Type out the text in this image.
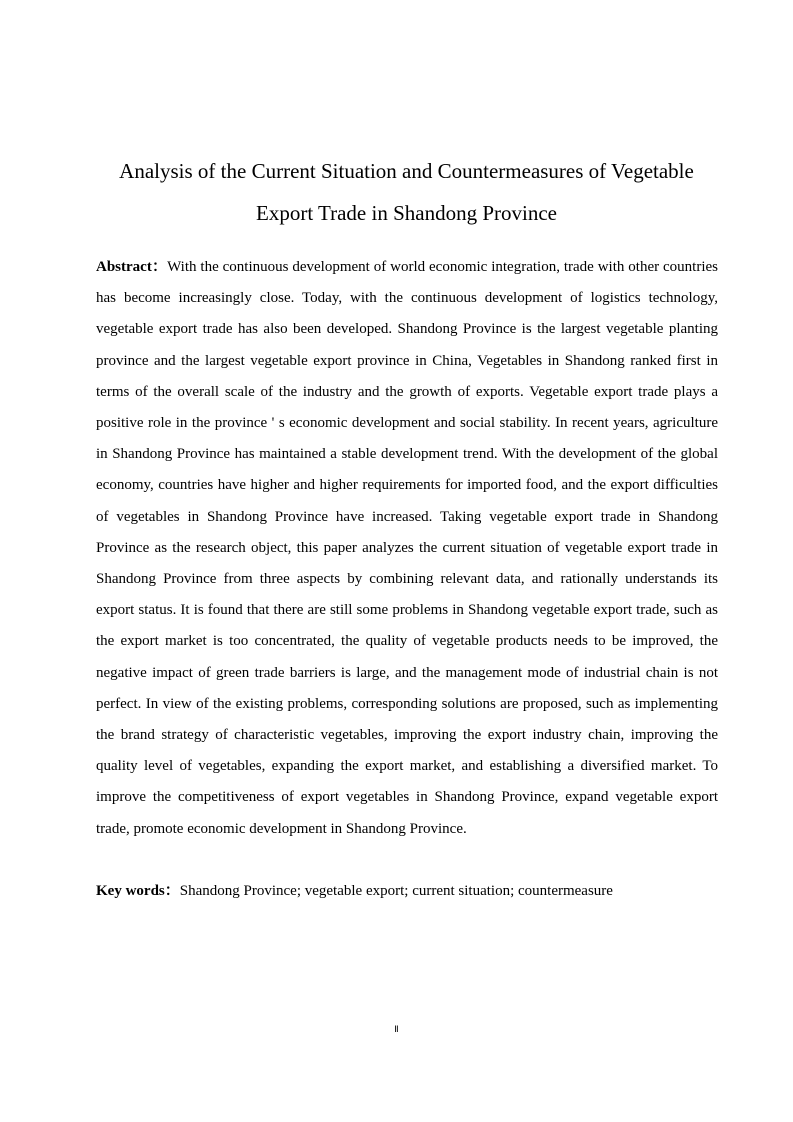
Analysis of the Current Situation and Countermeasures of Vegetable
Export Trade in Shandong Province

Abstract：With the continuous development of world economic integration, trade with other countries has become increasingly close. Today, with the continuous development of logistics technology, vegetable export trade has also been developed. Shandong Province is the largest vegetable planting province and the largest vegetable export province in China, Vegetables in Shandong ranked first in terms of the overall scale of the industry and the growth of exports. Vegetable export trade plays a positive role in the province ' s economic development and social stability. In recent years, agriculture in Shandong Province has maintained a stable development trend. With the development of the global economy, countries have higher and higher requirements for imported food, and the export difficulties of vegetables in Shandong Province have increased. Taking vegetable export trade in Shandong Province as the research object, this paper analyzes the current situation of vegetable export trade in Shandong Province from three aspects by combining relevant data, and rationally understands its export status. It is found that there are still some problems in Shandong vegetable export trade, such as the export market is too concentrated, the quality of vegetable products needs to be improved, the negative impact of green trade barriers is large, and the management mode of industrial chain is not perfect. In view of the existing problems, corresponding solutions are proposed, such as implementing the brand strategy of characteristic vegetables, improving the export industry chain, improving the quality level of vegetables, expanding the export market, and establishing a diversified market. To improve the competitiveness of export vegetables in Shandong Province, expand vegetable export trade, promote economic development in Shandong Province.

Key words：Shandong Province; vegetable export; current situation; countermeasure

Ⅱ
